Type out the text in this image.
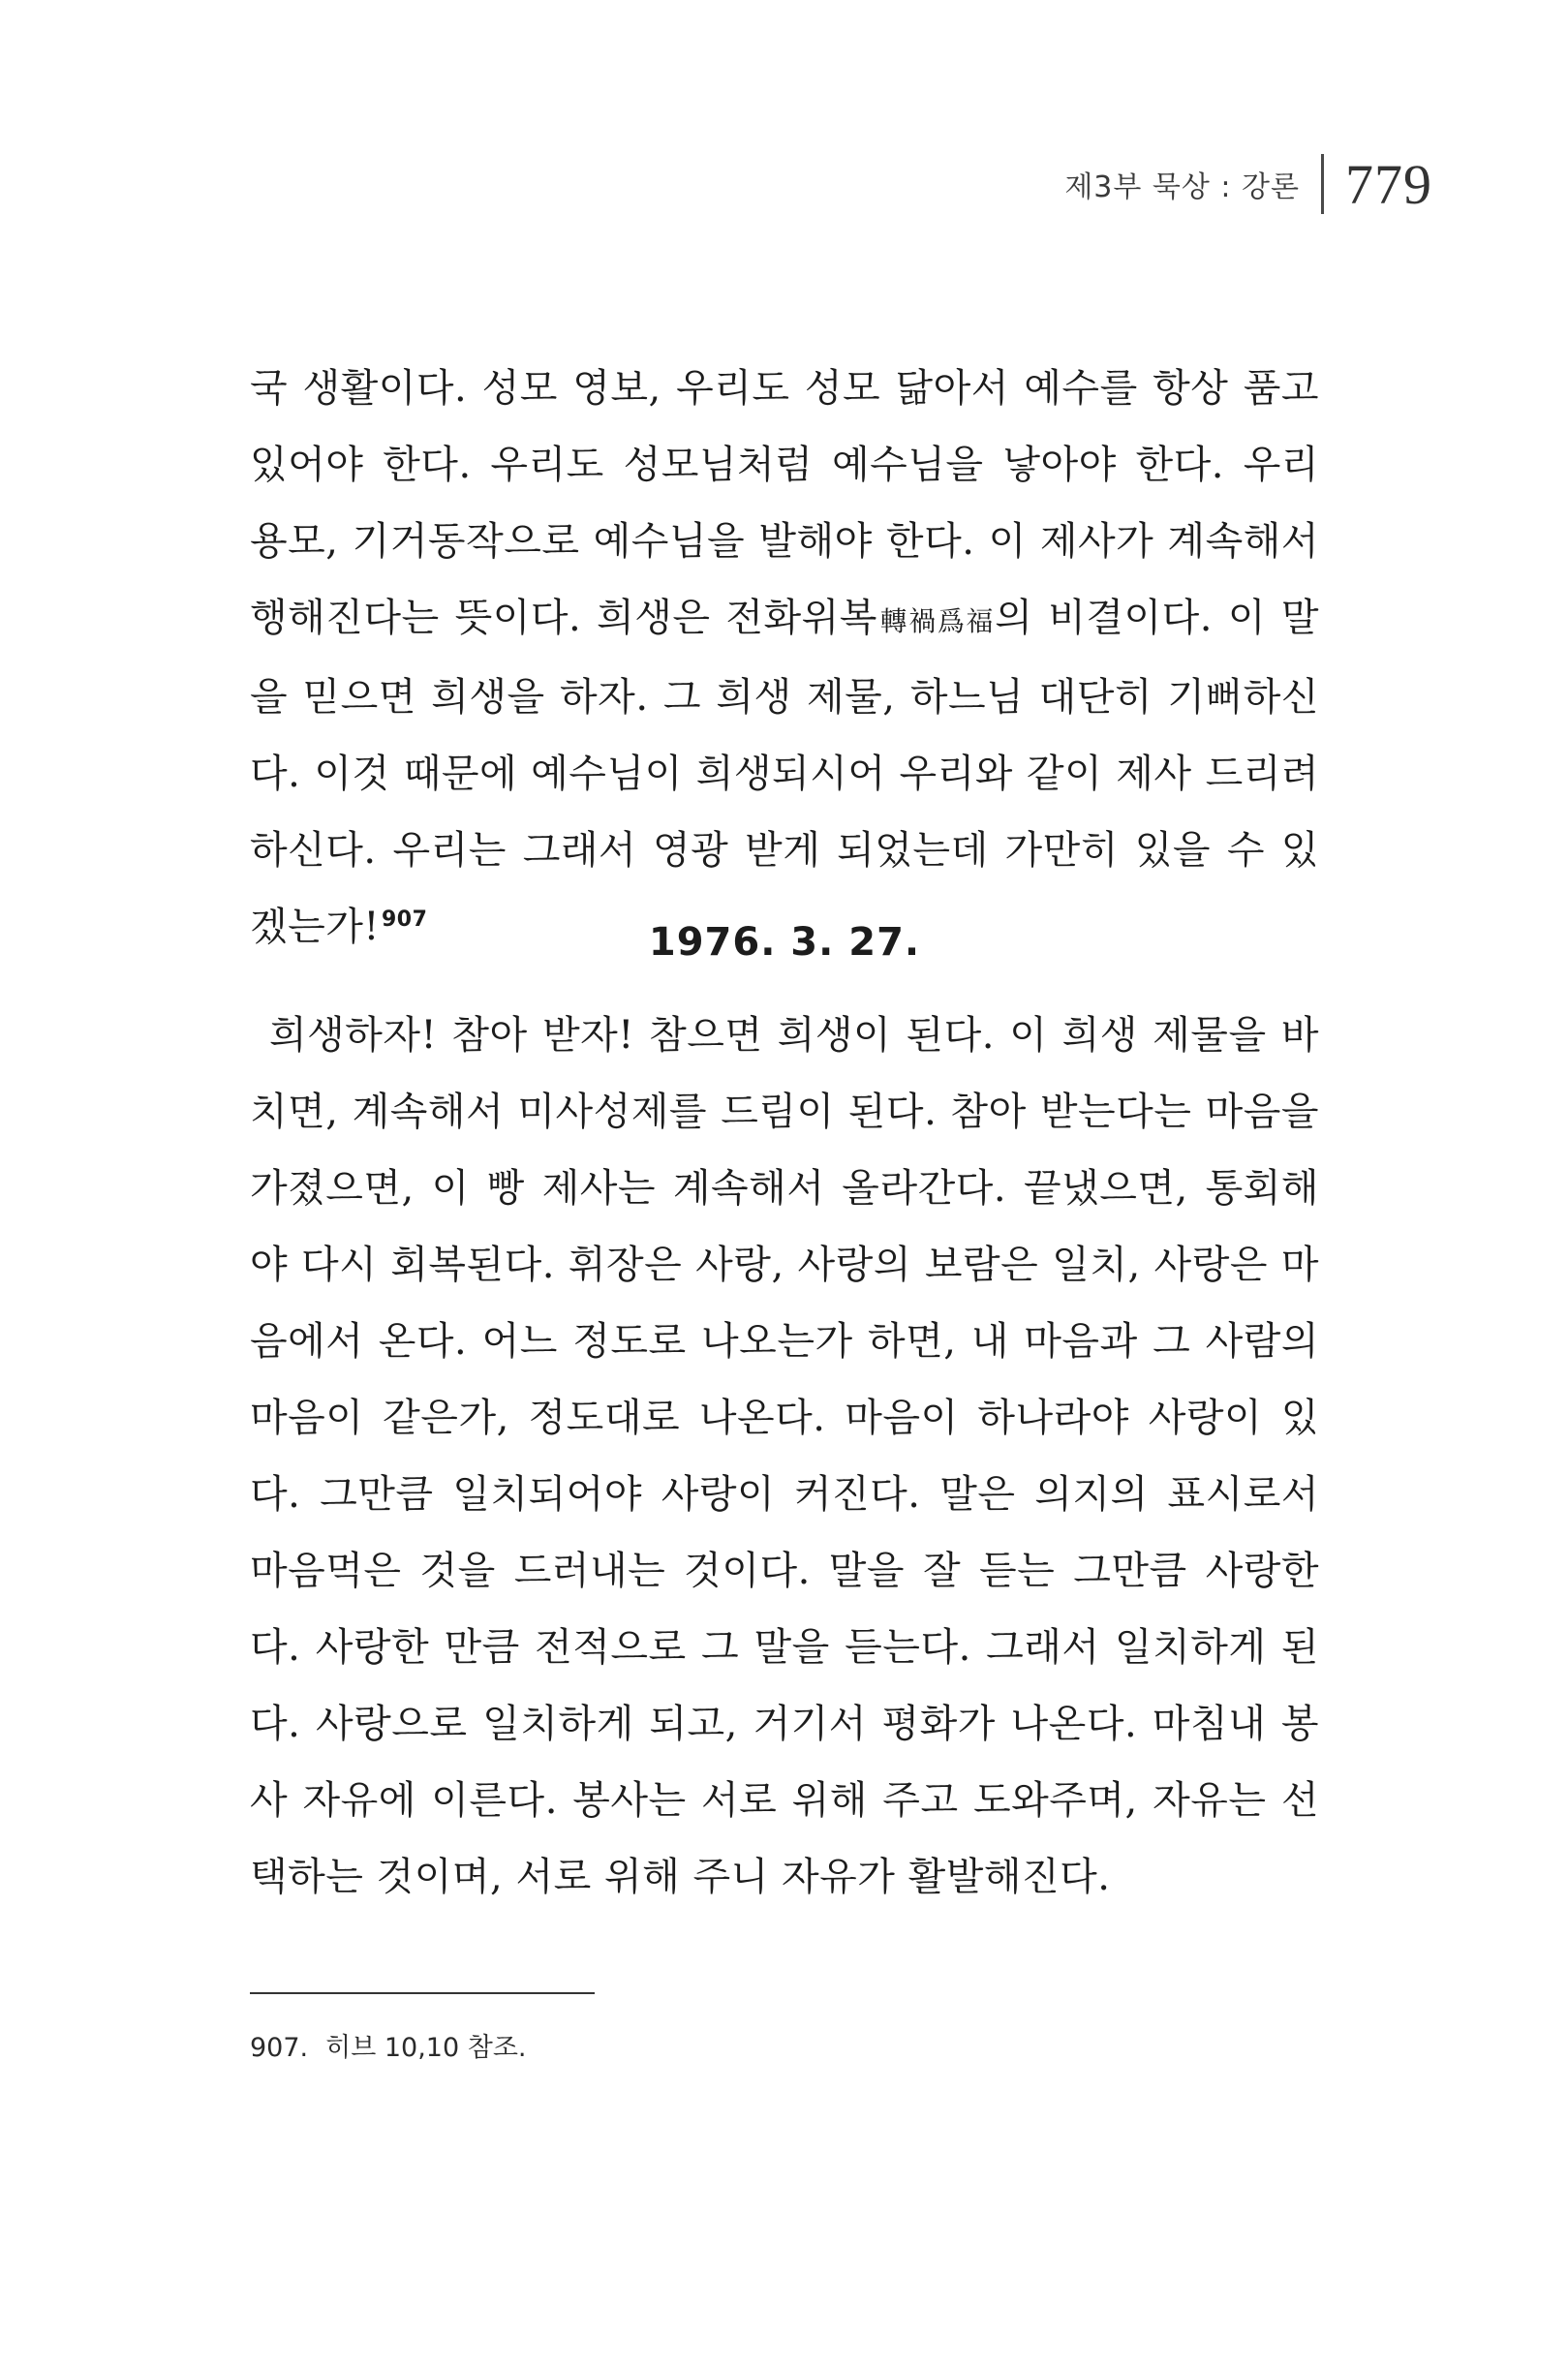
제3부 묵상 : 강론 779

국 생활이다. 성모 영보, 우리도 성모 닮아서 예수를 항상 품고 있어야 한다. 우리도 성모님처럼 예수님을 낳아야 한다. 우리 용모, 기거동작으로 예수님을 발해야 한다. 이 제사가 계속해서 행해진다는 뜻이다. 희생은 전화위복轉禍爲福의 비결이다. 이 말을 믿으면 희생을 하자. 그 희생 제물, 하느님 대단히 기뻐하신다. 이것 때문에 예수님이 희생되시어 우리와 같이 제사 드리려 하신다. 우리는 그래서 영광 받게 되었는데 가만히 있을 수 있겠는가!$^{907}$

1976. 3. 27.

희생하자! 참아 받자! 참으면 희생이 된다. 이 희생 제물을 바치면, 계속해서 미사성제를 드림이 된다. 참아 받는다는 마음을 가졌으면, 이 빵 제사는 계속해서 올라간다. 끝냈으면, 통회해야 다시 회복된다. 휘장은 사랑, 사랑의 보람은 일치, 사랑은 마음에서 온다. 어느 정도로 나오는가 하면, 내 마음과 그 사람의 마음이 같은가, 정도대로 나온다. 마음이 하나라야 사랑이 있다. 그만큼 일치되어야 사랑이 커진다. 말은 의지의 표시로서 마음먹은 것을 드러내는 것이다. 말을 잘 듣는 그만큼 사랑한다. 사랑한 만큼 전적으로 그 말을 듣는다. 그래서 일치하게 된다. 사랑으로 일치하게 되고, 거기서 평화가 나온다. 마침내 봉사 자유에 이른다. 봉사는 서로 위해 주고 도와주며, 자유는 선택하는 것이며, 서로 위해 주니 자유가 활발해진다.

907. 히브 10,10 참조.
